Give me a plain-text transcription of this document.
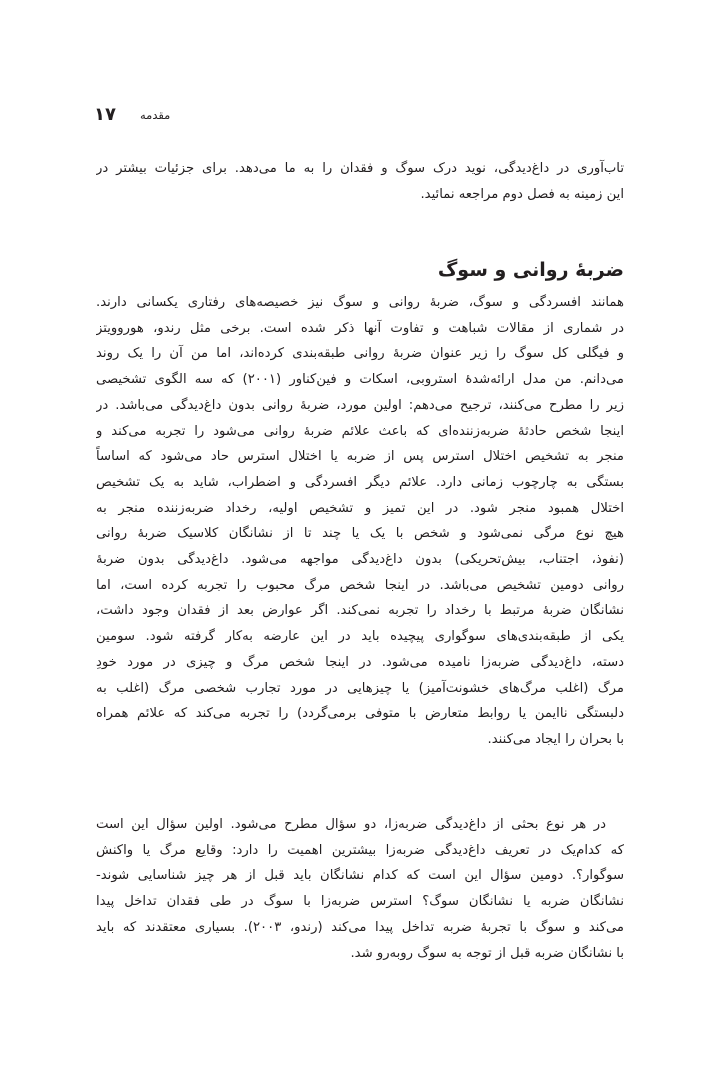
۱۷ مقدمه
تاب‌آوری در داغ‌دیدگی، نوید درک سوگ و فقدان را به ما می‌دهد. برای جزئیات بیشتر در
این زمینه به فصل دوم مراجعه نمائید.
ضربهٔ روانی و سوگ
همانند افسردگی و سوگ، ضربهٔ روانی و سوگ نیز خصیصه‌های رفتاری یکسانی دارند.
در شماری از مقالات شباهت و تفاوت آنها ذکر شده است. برخی مثل رندو، هوروویتز
و فیگلی کل سوگ را زیر عنوان ضربهٔ روانی طبقه‌بندی کرده‌اند، اما من آن را یک روند
می‌دانم. من مدل ارائه‌شدهٔ استروبی، اسکات و فین‌کناور (۲۰۰۱) که سه الگوی تشخیصی
زیر را مطرح می‌کنند، ترجیح می‌دهم: اولین مورد، ضربهٔ روانی بدون داغ‌دیدگی می‌باشد. در
اینجا شخص حادثهٔ ضربه‌زننده‌ای که باعث علائم ضربهٔ روانی می‌شود را تجربه می‌کند و
منجر به تشخیص اختلال استرس پس از ضربه یا اختلال استرس حاد می‌شود که اساساً
بستگی به چارچوب زمانی دارد. علائم دیگر افسردگی و اضطراب، شاید به یک تشخیص
اختلال همبود منجر شود. در این تمیز و تشخیص اولیه، رخداد ضربه‌زننده منجر به
هیچ نوع مرگی نمی‌شود و شخص با یک یا چند تا از نشانگان کلاسیک ضربهٔ روانی
(نفوذ، اجتناب، بیش‌تحریکی) بدون داغ‌دیدگی مواجهه می‌شود. داغ‌دیدگی بدون ضربهٔ
روانی دومین تشخیص می‌باشد. در اینجا شخص مرگ محبوب را تجربه کرده است، اما
نشانگان ضربهٔ مرتبط با رخداد را تجربه نمی‌کند. اگر عوارض بعد از فقدان وجود داشت،
یکی از طبقه‌بندی‌های سوگواری پیچیده باید در این عارضه به‌کار گرفته شود. سومین
دسته، داغ‌دیدگی ضربه‌زا نامیده می‌شود. در اینجا شخص مرگ و چیزی در مورد خودِ
مرگ (اغلب مرگ‌های خشونت‌آمیز) یا چیزهایی در مورد تجارب شخصی مرگ (اغلب به
دلبستگی ناایمن یا روابط متعارض با متوفی برمی‌گردد) را تجربه می‌کند که علائم همراه
با بحران را ایجاد می‌کنند.
در هر نوع بحثی از داغ‌دیدگی ضربه‌زا، دو سؤال مطرح می‌شود. اولین سؤال این است
که کدام‌یک در تعریف داغ‌دیدگی ضربه‌زا بیشترین اهمیت را دارد: وقایع مرگ یا واکنش
سوگوار؟. دومین سؤال این است که کدام نشانگان باید قبل از هر چیز شناسایی شوند-
نشانگان ضربه یا نشانگان سوگ؟ استرس ضربه‌زا با سوگ در طی فقدان تداخل پیدا
می‌کند و سوگ با تجربهٔ ضربه تداخل پیدا می‌کند (رندو، ۲۰۰۳). بسیاری معتقدند که باید
با نشانگان ضربه قبل از توجه به سوگ روبه‌رو شد.
